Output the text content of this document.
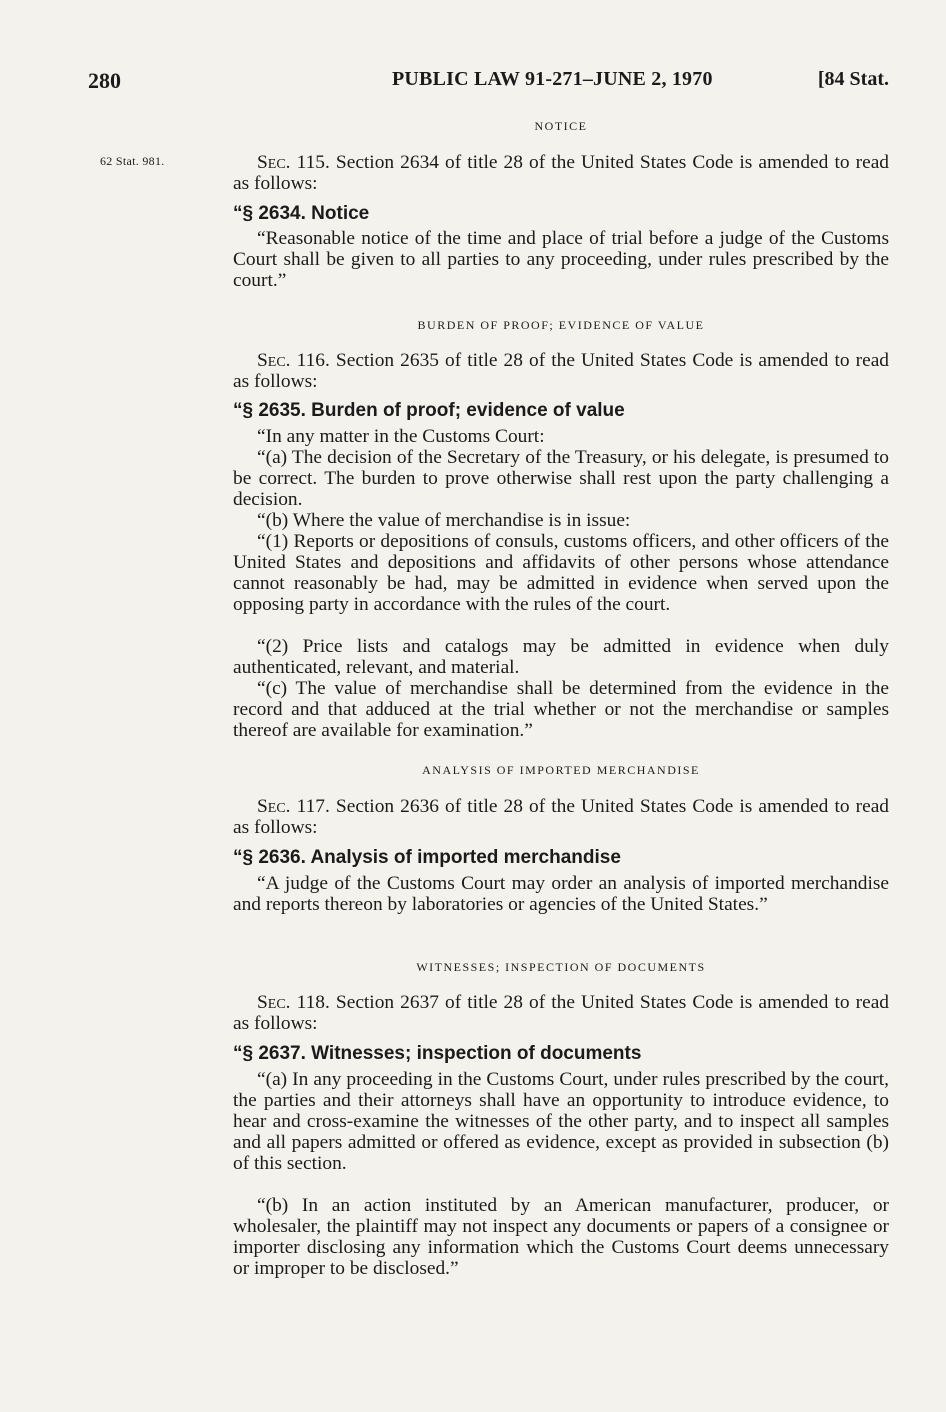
280	PUBLIC LAW 91-271–JUNE 2, 1970	[84 Stat.
62 Stat. 981.
NOTICE

Sec. 115. Section 2634 of title 28 of the United States Code is amended to read as follows:

“§ 2634. Notice

“Reasonable notice of the time and place of trial before a judge of the Customs Court shall be given to all parties to any proceeding, under rules prescribed by the court.”

BURDEN OF PROOF; EVIDENCE OF VALUE

Sec. 116. Section 2635 of title 28 of the United States Code is amended to read as follows:

“§ 2635. Burden of proof; evidence of value

“In any matter in the Customs Court:

“(a) The decision of the Secretary of the Treasury, or his delegate, is presumed to be correct. The burden to prove otherwise shall rest upon the party challenging a decision.

“(b) Where the value of merchandise is in issue:

“(1) Reports or depositions of consuls, customs officers, and other officers of the United States and depositions and affidavits of other persons whose attendance cannot reasonably be had, may be admitted in evidence when served upon the opposing party in accordance with the rules of the court.

“(2) Price lists and catalogs may be admitted in evidence when duly authenticated, relevant, and material.

“(c) The value of merchandise shall be determined from the evidence in the record and that adduced at the trial whether or not the merchandise or samples thereof are available for examination.”

ANALYSIS OF IMPORTED MERCHANDISE

Sec. 117. Section 2636 of title 28 of the United States Code is amended to read as follows:

“§ 2636. Analysis of imported merchandise

“A judge of the Customs Court may order an analysis of imported merchandise and reports thereon by laboratories or agencies of the United States.”

WITNESSES; INSPECTION OF DOCUMENTS

Sec. 118. Section 2637 of title 28 of the United States Code is amended to read as follows:

“§ 2637. Witnesses; inspection of documents

“(a) In any proceeding in the Customs Court, under rules prescribed by the court, the parties and their attorneys shall have an opportunity to introduce evidence, to hear and cross-examine the witnesses of the other party, and to inspect all samples and all papers admitted or offered as evidence, except as provided in subsection (b) of this section.

“(b) In an action instituted by an American manufacturer, producer, or wholesaler, the plaintiff may not inspect any documents or papers of a consignee or importer disclosing any information which the Customs Court deems unnecessary or improper to be disclosed.”
